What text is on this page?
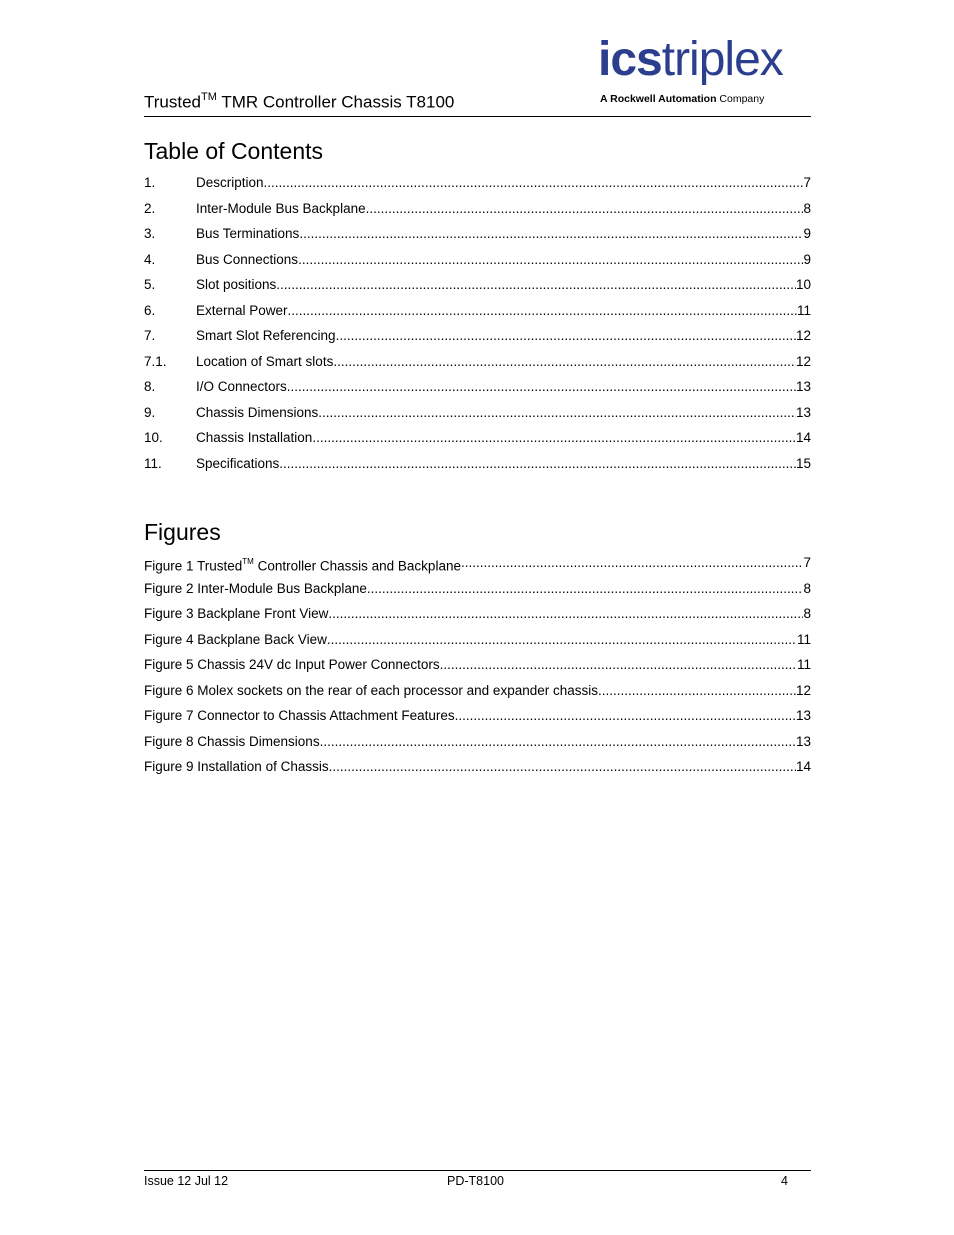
Trusted™ TMR Controller Chassis T8100
icstriplex
A Rockwell Automation Company
Table of Contents
1.	Description .....	7
2.	Inter-Module Bus Backplane .....	8
3.	Bus Terminations .....	9
4.	Bus Connections .....	9
5.	Slot positions .....	10
6.	External Power .....	11
7.	Smart Slot Referencing .....	12
7.1. Location of Smart slots .....	12
8.	I/O Connectors .....	13
9.	Chassis Dimensions .....	13
10. Chassis Installation .....	14
11.	Specifications .....	15
Figures
Figure 1 Trusted™ Controller Chassis and Backplane .....	7
Figure 2 Inter-Module Bus Backplane .....	8
Figure 3 Backplane Front View .....	8
Figure 4 Backplane Back View .....	11
Figure 5 Chassis 24V dc Input Power Connectors .....	11
Figure 6 Molex sockets on the rear of each processor and expander chassis .....	12
Figure 7 Connector to Chassis Attachment Features .....	13
Figure 8 Chassis Dimensions .....	13
Figure 9 Installation of Chassis .....	14
Issue 12 Jul 12	PD-T8100	4
